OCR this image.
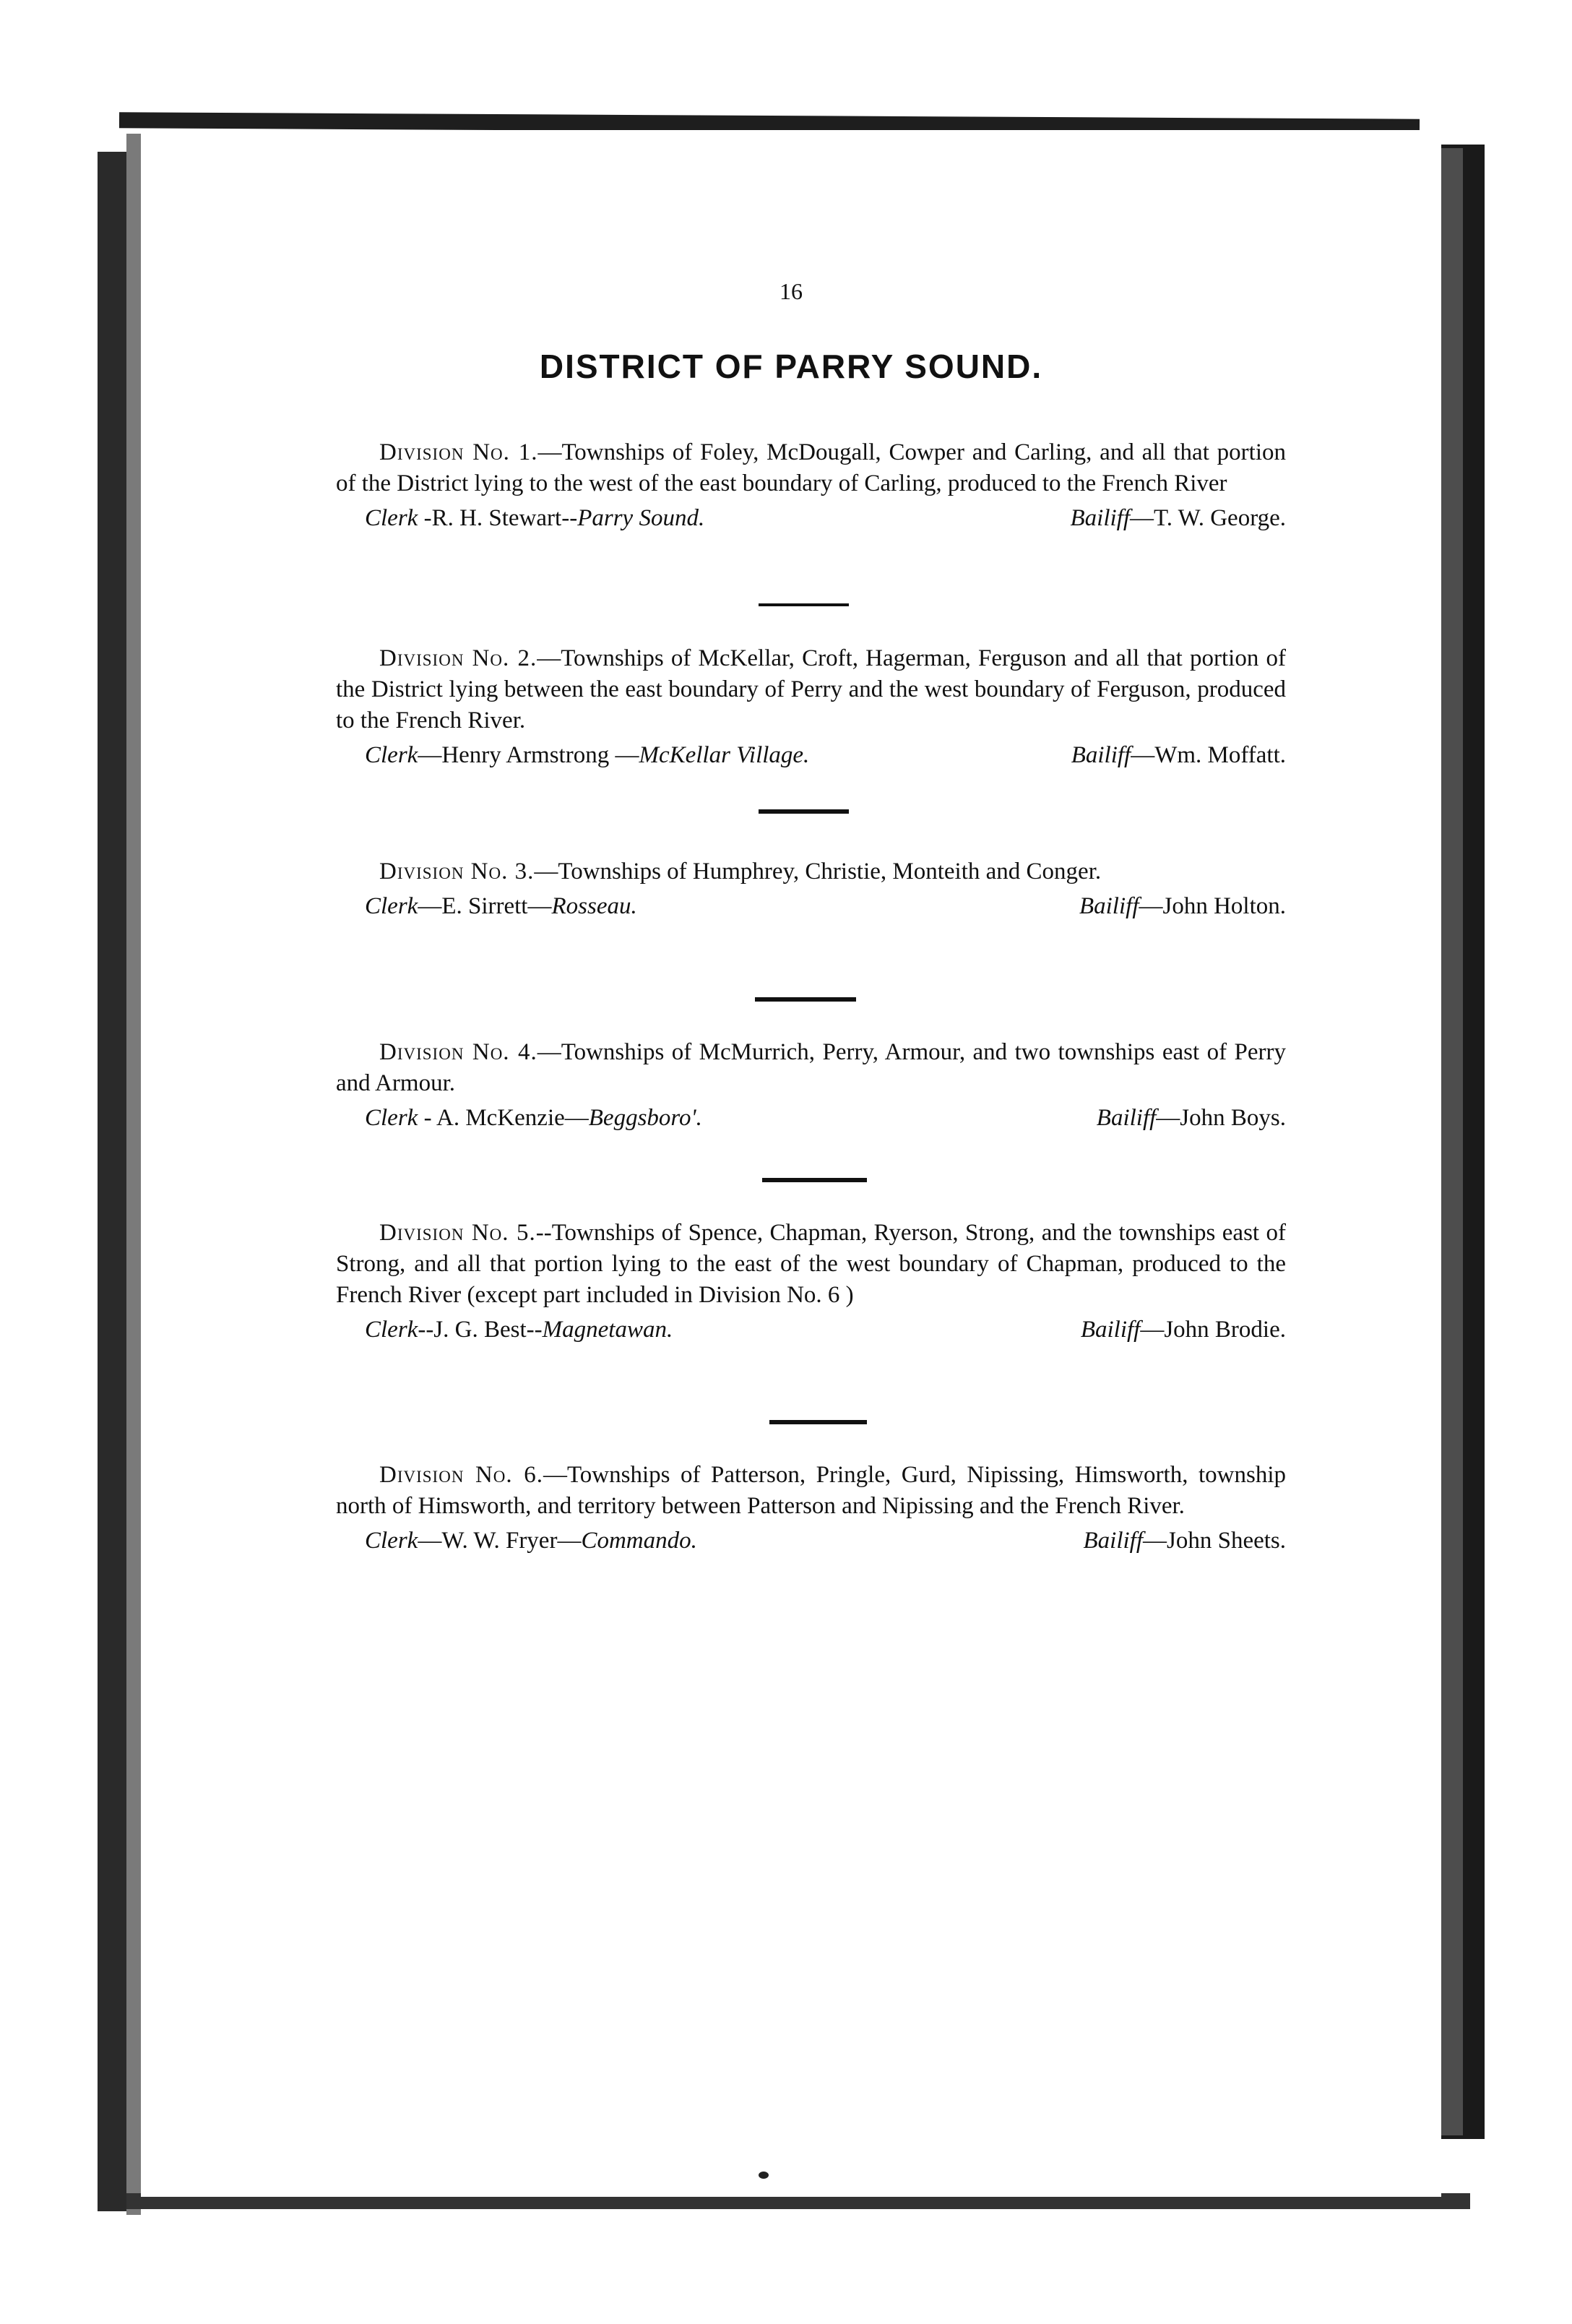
16
DISTRICT OF PARRY SOUND.

Division No. 1.—Townships of Foley, McDougall, Cowper and Carling, and all that portion of the District lying to the west of the east boundary of Carling, produced to the French River

Clerk -R. H. Stewart--Parry Sound.	Bailiff—T. W. George.

Division No. 2.—Townships of McKellar, Croft, Hagerman, Ferguson and all that portion of the District lying between the east boundary of Perry and the west boundary of Ferguson, produced to the French River.

Clerk—Henry Armstrong —McKellar Village.	Bailiff—Wm. Moffatt.

Division No. 3.—Townships of Humphrey, Christie, Monteith and Conger.

Clerk—E. Sirrett—Rosseau.	Bailiff—John Holton.

Division No. 4.—Townships of McMurrich, Perry, Armour, and two townships east of Perry and Armour.

Clerk - A. McKenzie—Beggsboro'.	Bailiff—John Boys.

Division No. 5.--Townships of Spence, Chapman, Ryerson, Strong, and the townships east of Strong, and all that portion lying to the east of the west boundary of Chapman, produced to the French River (except part included in Division No. 6 )

Clerk--J. G. Best--Magnetawan.	Bailiff—John Brodie.

Division No. 6.—Townships of Patterson, Pringle, Gurd, Nipissing, Himsworth, township north of Himsworth, and territory between Patterson and Nipissing and the French River.

Clerk—W. W. Fryer—Commando.	Bailiff—John Sheets.
